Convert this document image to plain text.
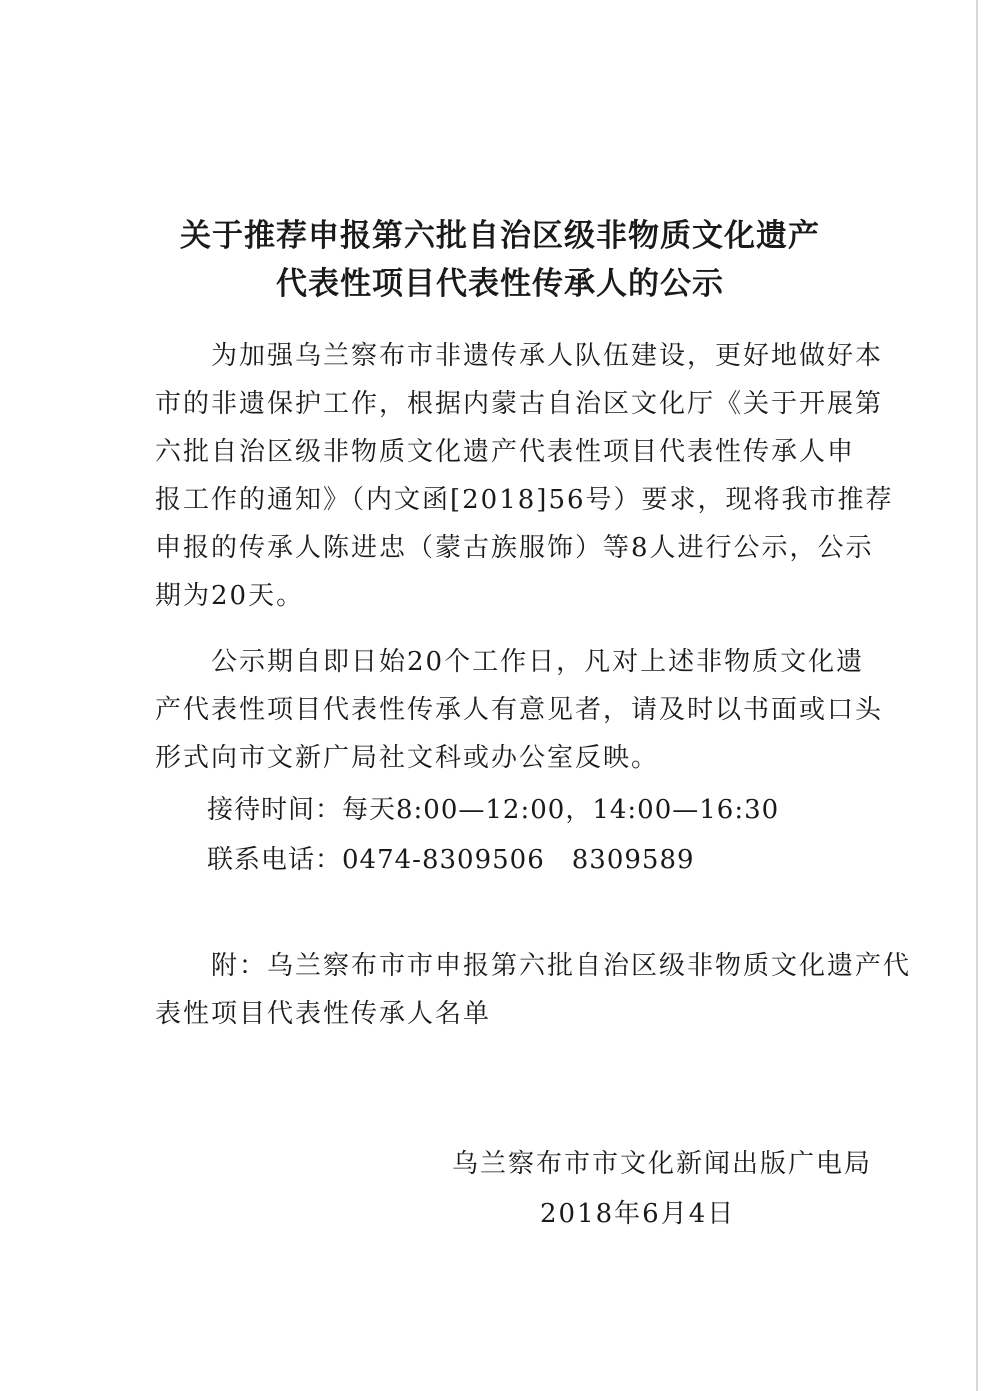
关于推荐申报第六批自治区级非物质文化遗产
代表性项目代表性传承人的公示
　　为加强乌兰察布市非遗传承人队伍建设，更好地做好本
市的非遗保护工作，根据内蒙古自治区文化厅《关于开展第
六批自治区级非物质文化遗产代表性项目代表性传承人申
报工作的通知》（内文函[2018]56号）要求，现将我市推荐
申报的传承人陈进忠（蒙古族服饰）等8人进行公示，公示
期为20天。
　　公示期自即日始20个工作日，凡对上述非物质文化遗
产代表性项目代表性传承人有意见者，请及时以书面或口头
形式向市文新广局社文科或办公室反映。
接待时间：每天8:00—12:00，14:00—16:30
联系电话：0474-8309506　8309589
　　附：乌兰察布市市申报第六批自治区级非物质文化遗产代
表性项目代表性传承人名单
乌兰察布市市文化新闻出版广电局
2018年6月4日
